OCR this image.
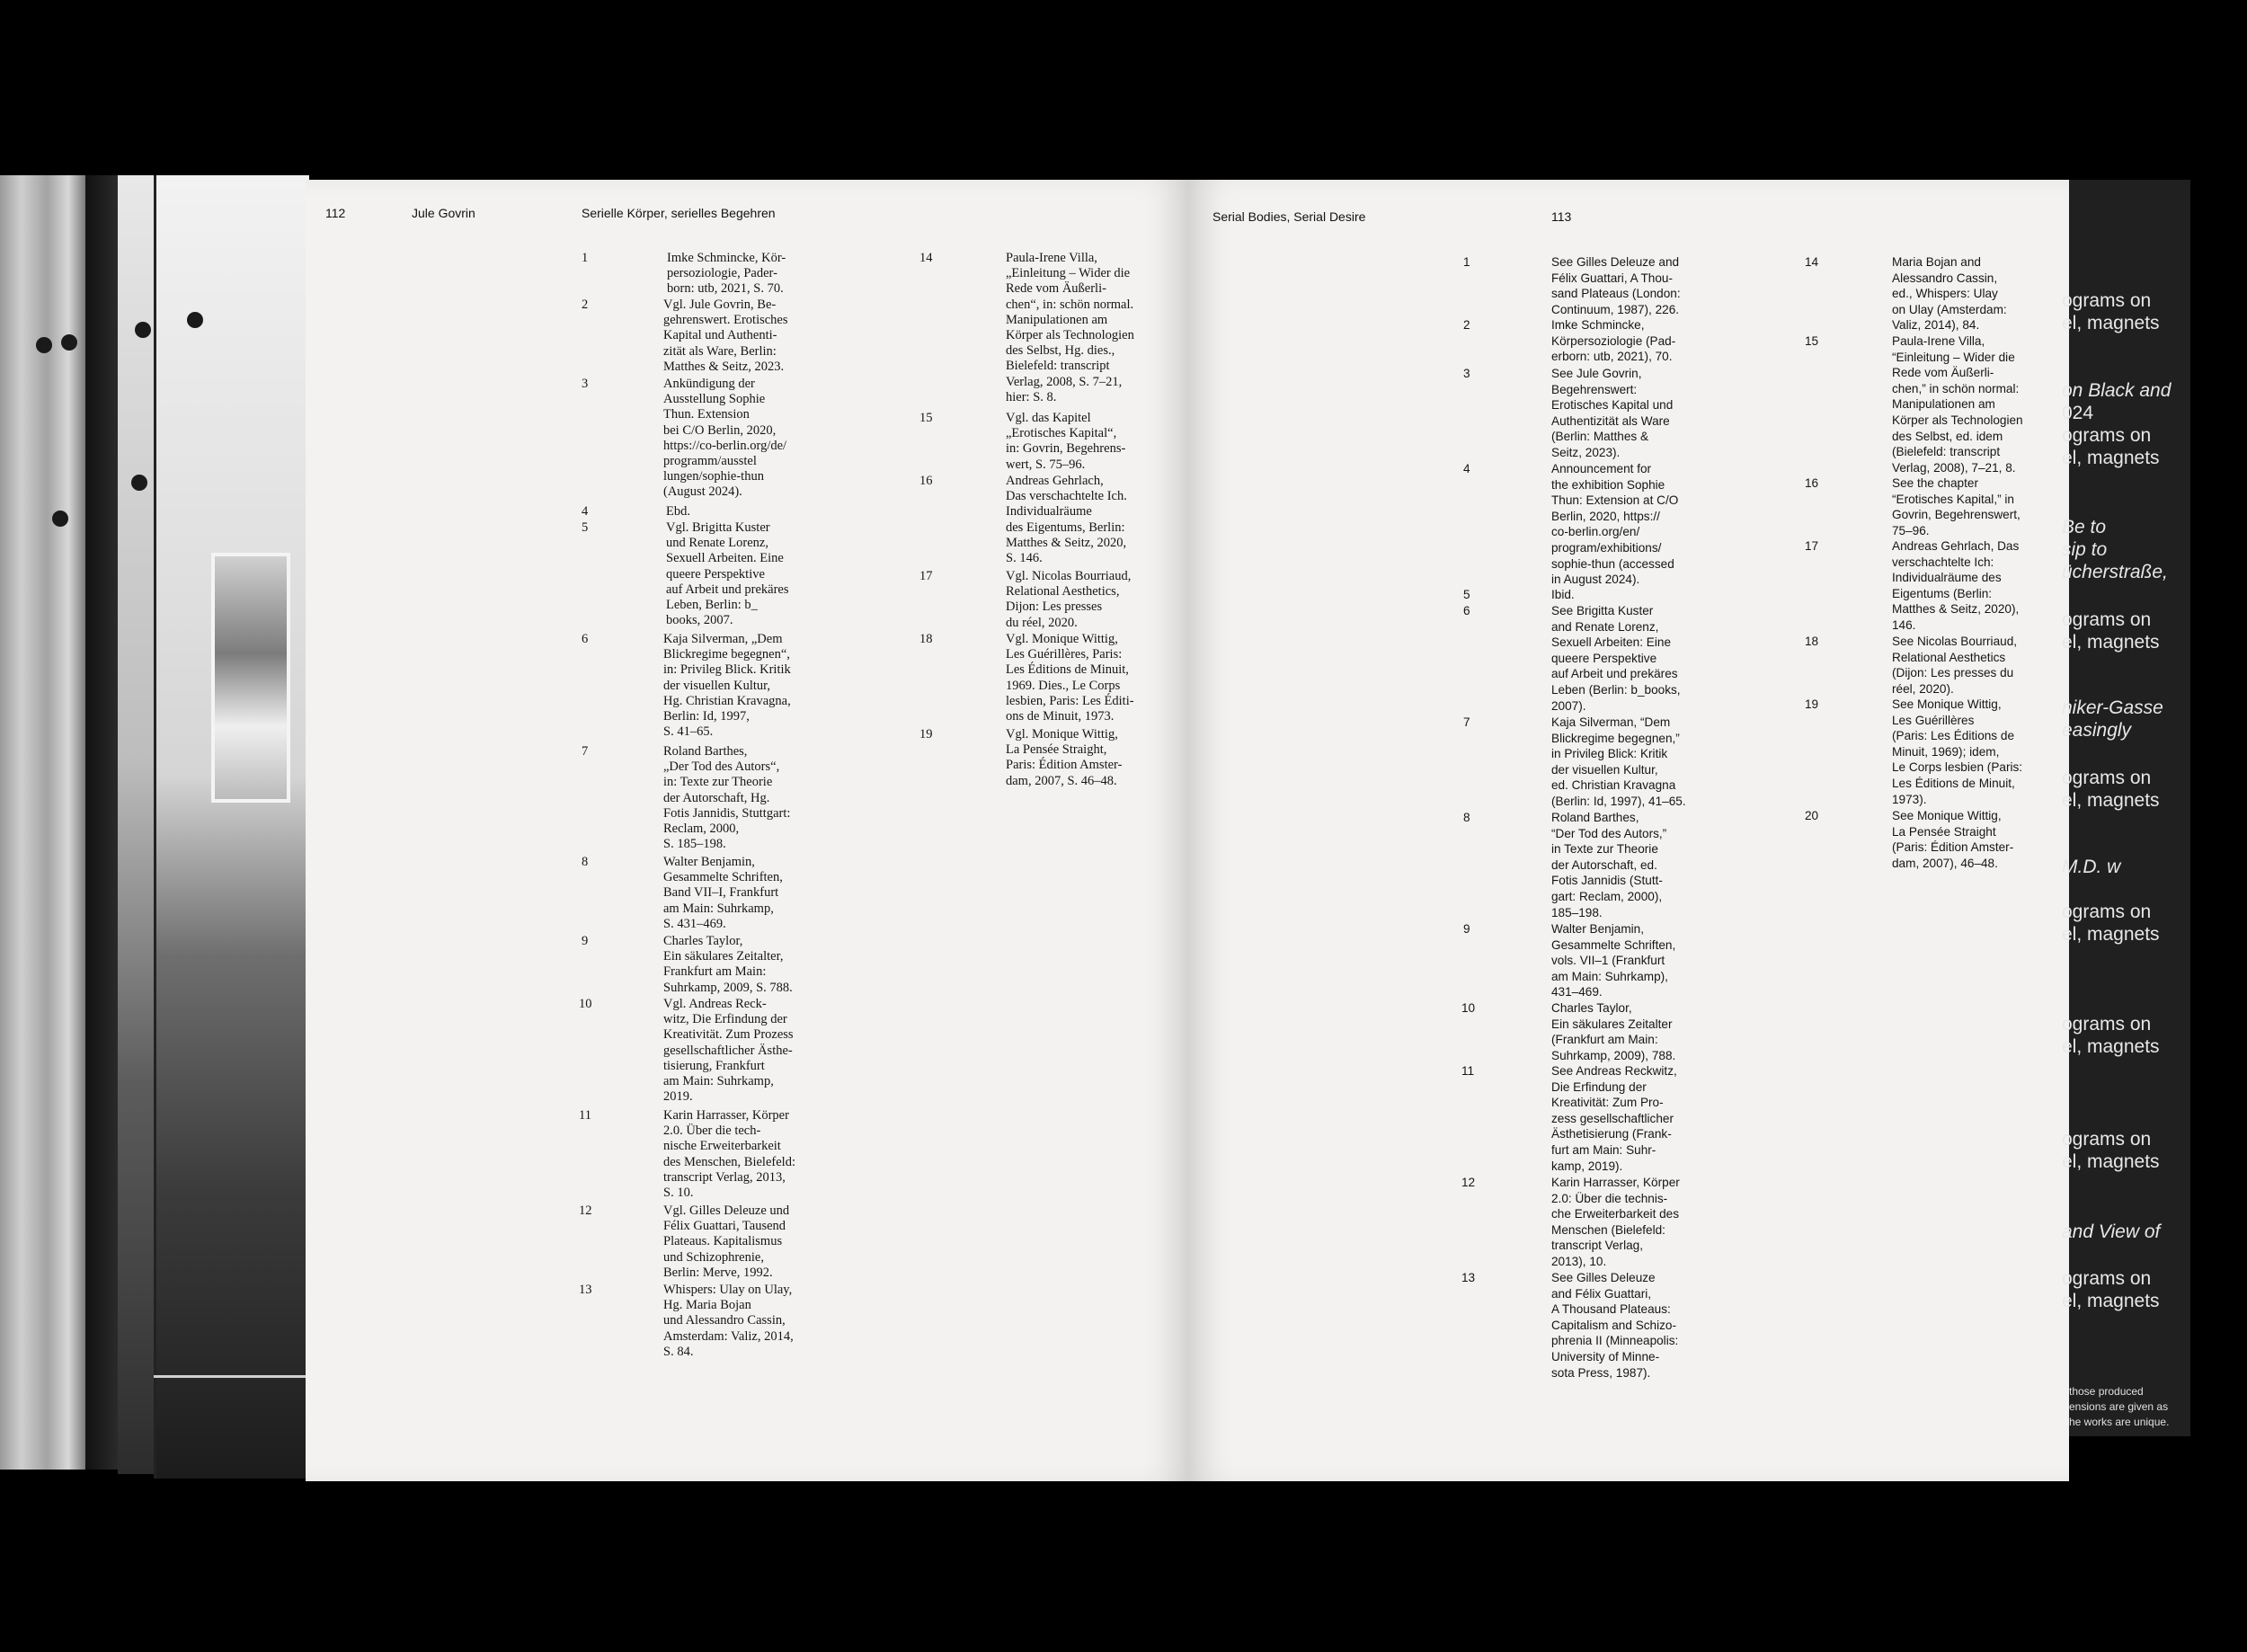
112	Jule Govrin	Serielle Körper, serielles Begehren	Serial Bodies, Serial Desire	113
ograms on
el, magnets
on Black and
024
ograms on
el, magnets
Be to
sip to
ücherstraße,
ograms on
el, magnets
niker-Gasse
easingly
ograms on
el, magnets
M.D. w
ograms on
el, magnets
ograms on
el, magnets
ograms on
el, magnets
and View of
ograms on
el, magnets
those produced
ensions are given as
he works are unique.
1	Imke Schmincke, Kör-
persoziologie, Pader-
born: utb, 2021, S. 70.
2	Vgl. Jule Govrin, Be-
gehrenswert. Erotisches
Kapital und Authenti-
zität als Ware, Berlin:
Matthes & Seitz, 2023.
3	Ankündigung der
Ausstellung Sophie
Thun. Extension
bei C/O Berlin, 2020,
https://co-berlin.org/de/
programm/ausstel
lungen/sophie-thun
(August 2024).
4	Ebd.
5	Vgl. Brigitta Kuster
und Renate Lorenz,
Sexuell Arbeiten. Eine
queere Perspektive
auf Arbeit und prekäres
Leben, Berlin: b_
books, 2007.
6	Kaja Silverman, „Dem
Blickregime begegnen“,
in: Privileg Blick. Kritik
der visuellen Kultur,
Hg. Christian Kravagna,
Berlin: Id, 1997,
S. 41–65.
7	Roland Barthes,
„Der Tod des Autors“,
in: Texte zur Theorie
der Autorschaft, Hg.
Fotis Jannidis, Stuttgart:
Reclam, 2000,
S. 185–198.
8	Walter Benjamin,
Gesammelte Schriften,
Band VII–I, Frankfurt
am Main: Suhrkamp,
S. 431–469.
9	Charles Taylor,
Ein säkulares Zeitalter,
Frankfurt am Main:
Suhrkamp, 2009, S. 788.
10	Vgl. Andreas Reck-
witz, Die Erfindung der
Kreativität. Zum Prozess
gesellschaftlicher Ästhe-
tisierung, Frankfurt
am Main: Suhrkamp,
2019.
11	Karin Harrasser, Körper
2.0. Über die tech-
nische Erweiterbarkeit
des Menschen, Bielefeld:
transcript Verlag, 2013,
S. 10.
12	Vgl. Gilles Deleuze und
Félix Guattari, Tausend
Plateaus. Kapitalismus
und Schizophrenie,
Berlin: Merve, 1992.
13	Whispers: Ulay on Ulay,
Hg. Maria Bojan
und Alessandro Cassin,
Amsterdam: Valiz, 2014,
S. 84.
14	Paula-Irene Villa,
„Einleitung – Wider die
Rede vom Äußerli-
chen“, in: schön normal.
Manipulationen am
Körper als Technologien
des Selbst, Hg. dies.,
Bielefeld: transcript
Verlag, 2008, S. 7–21,
hier: S. 8.
15	Vgl. das Kapitel
„Erotisches Kapital“,
in: Govrin, Begehrens-
wert, S. 75–96.
16	Andreas Gehrlach,
Das verschachtelte Ich.
Individualräume
des Eigentums, Berlin:
Matthes & Seitz, 2020,
S. 146.
17	Vgl. Nicolas Bourriaud,
Relational Aesthetics,
Dijon: Les presses
du réel, 2020.
18	Vgl. Monique Wittig,
Les Guérillères, Paris:
Les Éditions de Minuit,
1969. Dies., Le Corps
lesbien, Paris: Les Éditi-
ons de Minuit, 1973.
19	Vgl. Monique Wittig,
La Pensée Straight,
Paris: Édition Amster-
dam, 2007, S. 46–48.
1	See Gilles Deleuze and
Félix Guattari, A Thou-
sand Plateaus (London:
Continuum, 1987), 226.
2	Imke Schmincke,
Körpersoziologie (Pad-
erborn: utb, 2021), 70.
3	See Jule Govrin,
Begehrenswert:
Erotisches Kapital und
Authentizität als Ware
(Berlin: Matthes &
Seitz, 2023).
4	Announcement for
the exhibition Sophie
Thun: Extension at C/O
Berlin, 2020, https://
co-berlin.org/en/
program/exhibitions/
sophie-thun (accessed
in August 2024).
5	Ibid.
6	See Brigitta Kuster
and Renate Lorenz,
Sexuell Arbeiten: Eine
queere Perspektive
auf Arbeit und prekäres
Leben (Berlin: b_books,
2007).
7	Kaja Silverman, “Dem
Blickregime begegnen,”
in Privileg Blick: Kritik
der visuellen Kultur,
ed. Christian Kravagna
(Berlin: Id, 1997), 41–65.
8	Roland Barthes,
“Der Tod des Autors,”
in Texte zur Theorie
der Autorschaft, ed.
Fotis Jannidis (Stutt-
gart: Reclam, 2000),
185–198.
9	Walter Benjamin,
Gesammelte Schriften,
vols. VII–1 (Frankfurt
am Main: Suhrkamp),
431–469.
10	Charles Taylor,
Ein säkulares Zeitalter
(Frankfurt am Main:
Suhrkamp, 2009), 788.
11	See Andreas Reckwitz,
Die Erfindung der
Kreativität: Zum Pro-
zess gesellschaftlicher
Ästhetisierung (Frank-
furt am Main: Suhr-
kamp, 2019).
12	Karin Harrasser, Körper
2.0: Über die technis-
che Erweiterbarkeit des
Menschen (Bielefeld:
transcript Verlag,
2013), 10.
13	See Gilles Deleuze
and Félix Guattari,
A Thousand Plateaus:
Capitalism and Schizo-
phrenia II (Minneapolis:
University of Minne-
sota Press, 1987).
14	Maria Bojan and
Alessandro Cassin,
ed., Whispers: Ulay
on Ulay (Amsterdam:
Valiz, 2014), 84.
15	Paula-Irene Villa,
“Einleitung – Wider die
Rede vom Äußerli-
chen,” in schön normal:
Manipulationen am
Körper als Technologien
des Selbst, ed. idem
(Bielefeld: transcript
Verlag, 2008), 7–21, 8.
16	See the chapter
“Erotisches Kapital,” in
Govrin, Begehrenswert,
75–96.
17	Andreas Gehrlach, Das
verschachtelte Ich:
Individualräume des
Eigentums (Berlin:
Matthes & Seitz, 2020),
146.
18	See Nicolas Bourriaud,
Relational Aesthetics
(Dijon: Les presses du
réel, 2020).
19	See Monique Wittig,
Les Guérillères
(Paris: Les Éditions de
Minuit, 1969); idem,
Le Corps lesbien (Paris:
Les Éditions de Minuit,
1973).
20	See Monique Wittig,
La Pensée Straight
(Paris: Édition Amster-
dam, 2007), 46–48.
